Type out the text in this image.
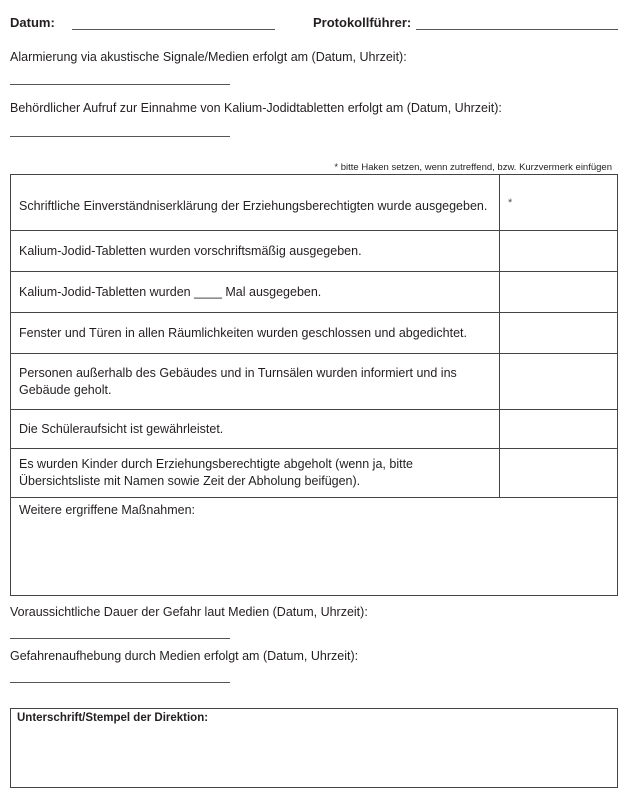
Datum:	Protokollführer:
Alarmierung via akustische Signale/Medien erfolgt am (Datum, Uhrzeit):
Behördlicher Aufruf zur Einnahme von Kalium-Jodidtabletten erfolgt am (Datum, Uhrzeit):
* bitte Haken setzen, wenn zutreffend, bzw. Kurzvermerk einfügen
Schriftliche Einverständniserklärung der Erziehungsberechtigten wurde ausgegeben.	*
Kalium-Jodid-Tabletten wurden vorschriftsmäßig ausgegeben.	
Kalium-Jodid-Tabletten wurden ____ Mal ausgegeben.	
Fenster und Türen in allen Räumlichkeiten wurden geschlossen und abgedichtet.	
Personen außerhalb des Gebäudes und in Turnsälen wurden informiert und ins Gebäude geholt.	
Die Schüleraufsicht ist gewährleistet.	
Es wurden Kinder durch Erziehungsberechtigte abgeholt (wenn ja, bitte Übersichtsliste mit Namen sowie Zeit der Abholung beifügen).	
Weitere ergriffene Maßnahmen:	
Voraussichtliche Dauer der Gefahr laut Medien (Datum, Uhrzeit):
Gefahrenaufhebung durch Medien erfolgt am (Datum, Uhrzeit):
Unterschrift/Stempel der Direktion:
